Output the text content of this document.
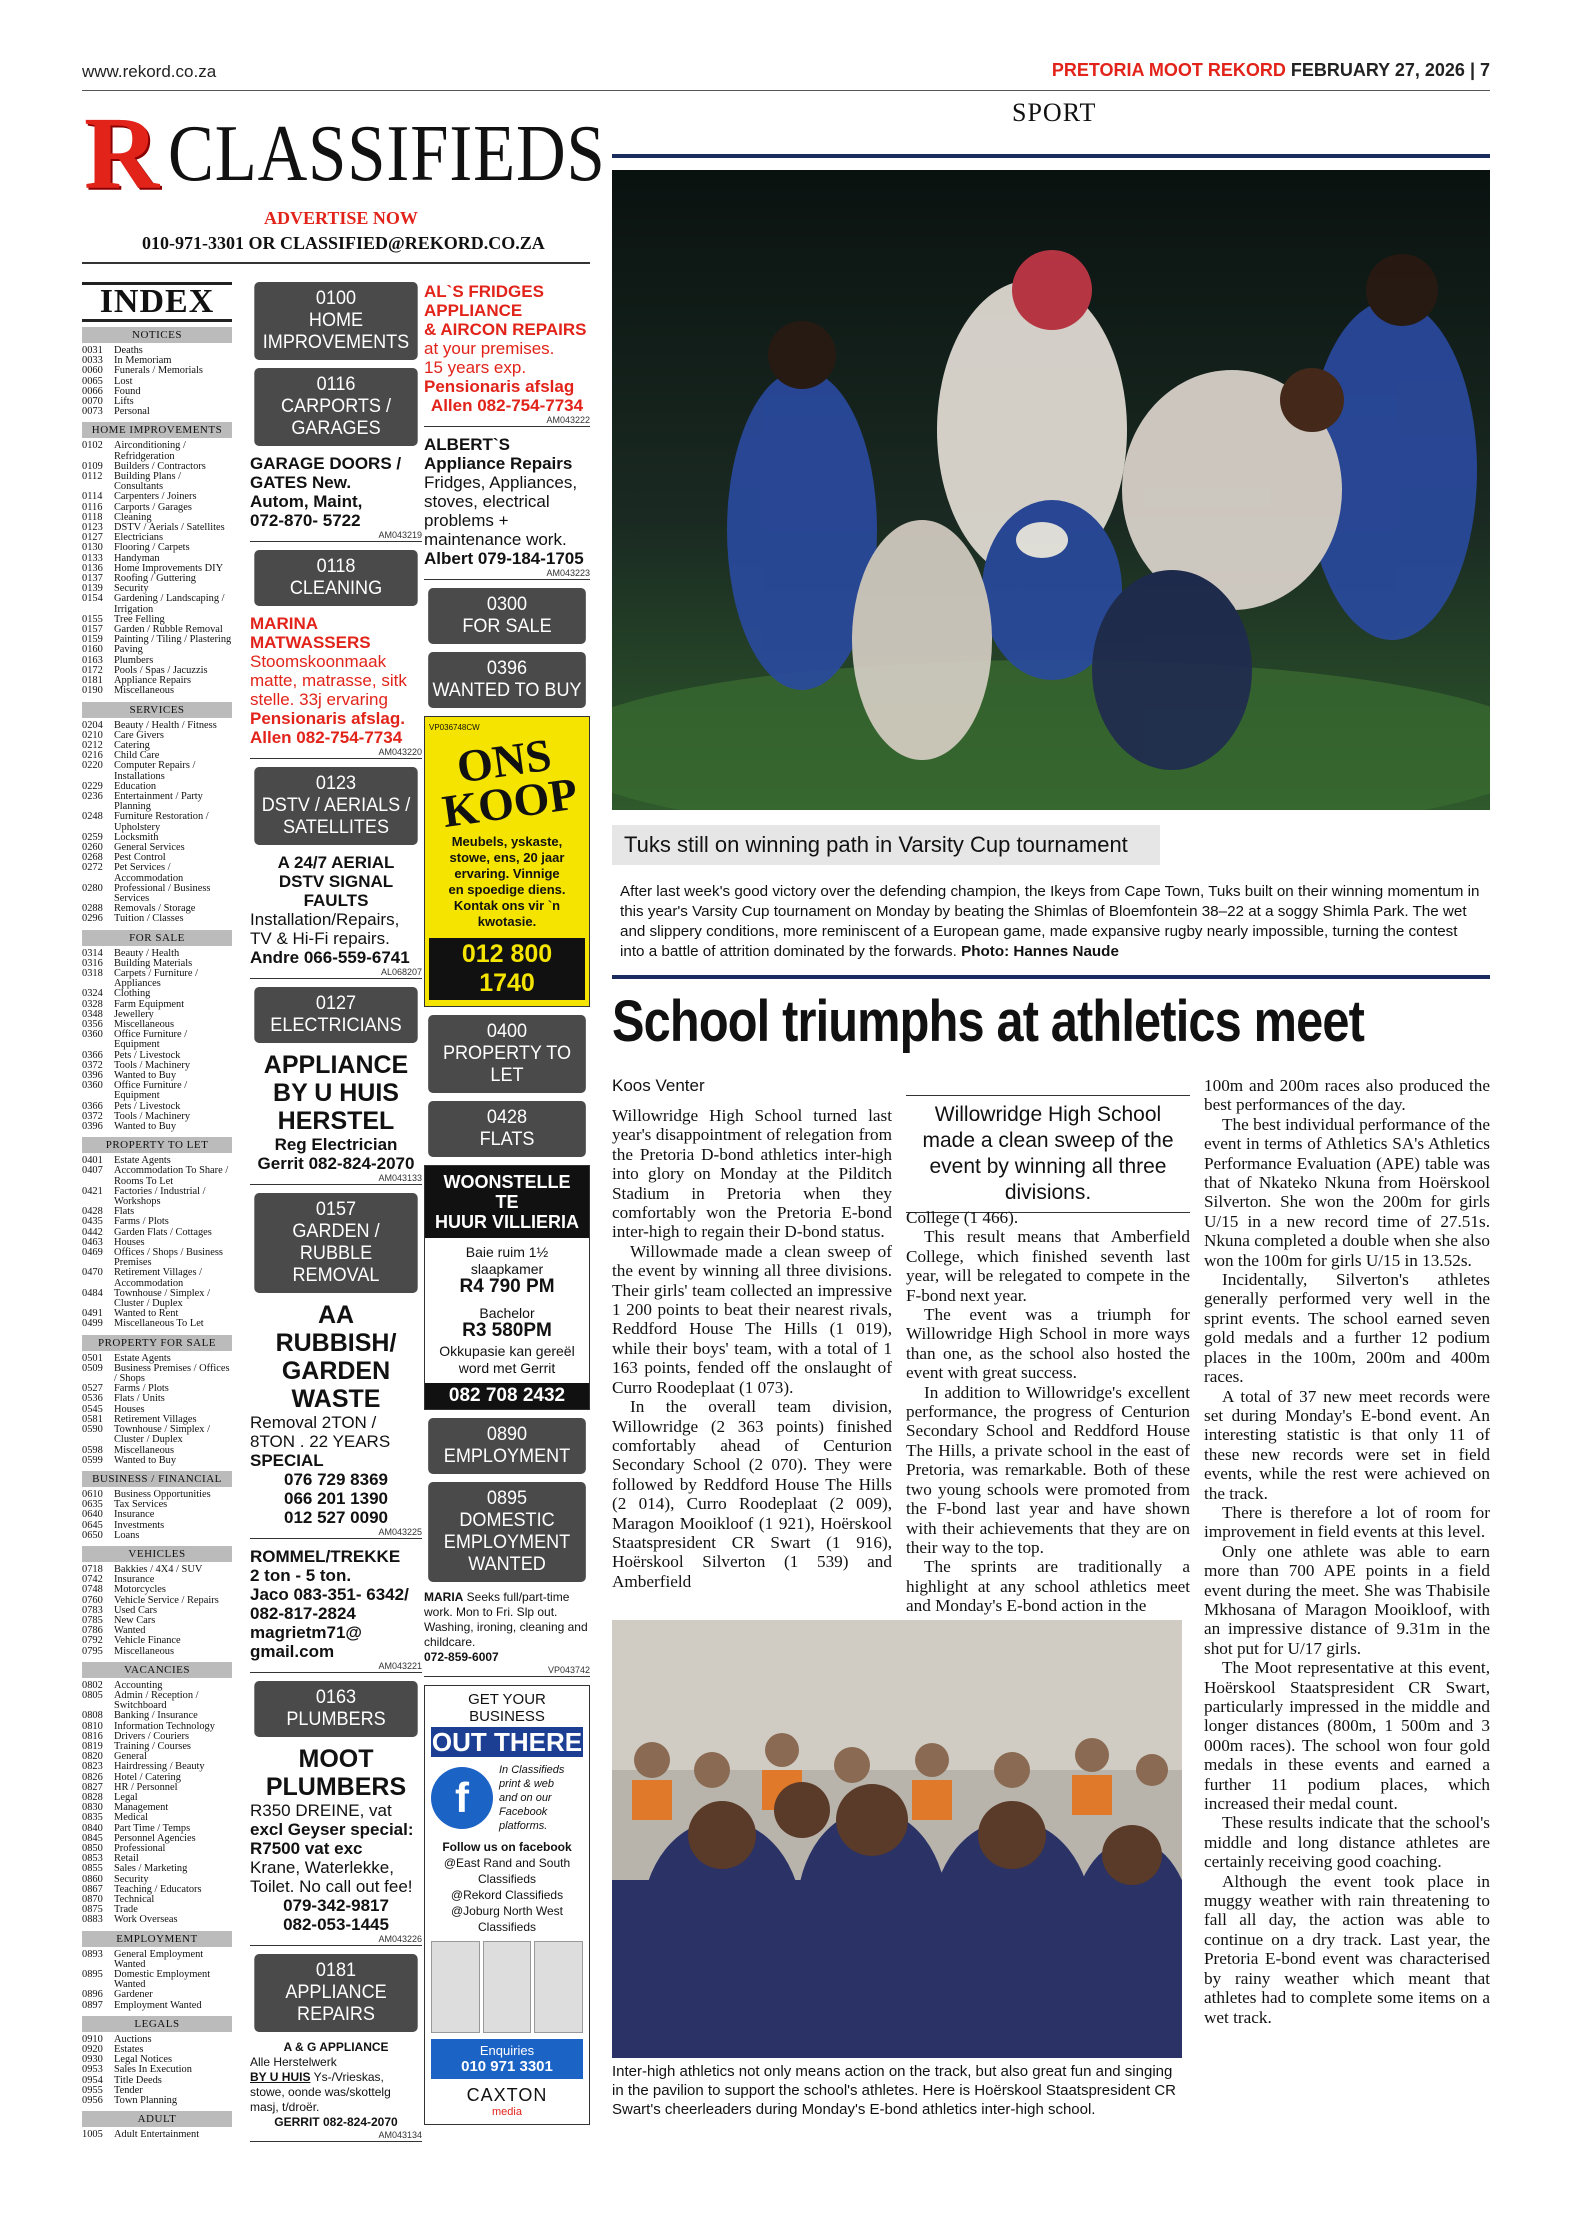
www.rekord.co.za	PRETORIA MOOT REKORD FEBRUARY 27, 2026 | 7
R CLASSIFIEDS
ADVERTISE NOW
010-971-3301 OR CLASSIFIED@REKORD.CO.ZA
INDEX
NOTICES
0031	Deaths
0033	In Memoriam
0060	Funerals / Memorials
0065	Lost
0066	Found
0070	Lifts
0073	Personal
HOME IMPROVEMENTS
0102	Airconditioning / Refridgeration
0109	Builders / Contractors
0112	Building Plans / Consultants
0114	Carpenters / Joiners
0116	Carports / Garages
0118	Cleaning
0123	DSTV / Aerials / Satellites
0127	Electricians
0130	Flooring / Carpets
0133	Handyman
0136	Home Improvements DIY
0137	Roofing / Guttering
0139	Security
0154	Gardening / Landscaping / Irrigation
0155	Tree Felling
0157	Garden / Rubble Removal
0159	Painting / Tiling / Plastering
0160	Paving
0163	Plumbers
0172	Pools / Spas / Jacuzzis
0181	Appliance Repairs
0190	Miscellaneous
SERVICES
0204	Beauty / Health / Fitness
0210	Care Givers
0212	Catering
0216	Child Care
0220	Computer Repairs / Installations
0229	Education
0236	Entertainment / Party Planning
0248	Furniture Restoration / Upholstery
0259	Locksmith
0260	General Services
0268	Pest Control
0272	Pet Services / Accommodation
0280	Professional / Business Services
0288	Removals / Storage
0296	Tuition / Classes
FOR SALE
0314	Beauty / Health
0316	Building Materials
0318	Carpets / Furniture / Appliances
0324	Clothing
0328	Farm Equipment
0348	Jewellery
0356	Miscellaneous
0360	Office Furniture / Equipment
0366	Pets / Livestock
0372	Tools / Machinery
0396	Wanted to Buy
0360	Office Furniture / Equipment
0366	Pets / Livestock
0372	Tools / Machinery
0396	Wanted to Buy
PROPERTY TO LET
0401	Estate Agents
0407	Accommodation To Share / Rooms To Let
0421	Factories / Industrial / Workshops
0428	Flats
0435	Farms / Plots
0442	Garden Flats / Cottages
0463	Houses
0469	Offices / Shops / Business Premises
0470	Retirement Villages / Accommodation
0484	Townhouse / Simplex / Cluster / Duplex
0491	Wanted to Rent
0499	Miscellaneous To Let
PROPERTY FOR SALE
0501	Estate Agents
0509	Business Premises / Offices / Shops
0527	Farms / Plots
0536	Flats / Units
0545	Houses
0581	Retirement Villages
0590	Townhouse / Simplex / Cluster / Duplex
0598	Miscellaneous
0599	Wanted to Buy
BUSINESS / FINANCIAL
0610	Business Opportunities
0635	Tax Services
0640	Insurance
0645	Investments
0650	Loans
VEHICLES
0718	Bakkies / 4X4 / SUV
0742	Insurance
0748	Motorcycles
0760	Vehicle Service / Repairs
0783	Used Cars
0785	New Cars
0786	Wanted
0792	Vehicle Finance
0795	Miscellaneous
VACANCIES
0802	Accounting
0805	Admin / Reception / Switchboard
0808	Banking / Insurance
0810	Information Technology
0816	Drivers / Couriers
0819	Training / Courses
0820	General
0823	Hairdressing / Beauty
0826	Hotel / Catering
0827	HR / Personnel
0828	Legal
0830	Management
0835	Medical
0840	Part Time / Temps
0845	Personnel Agencies
0850	Professional
0853	Retail
0855	Sales / Marketing
0860	Security
0867	Teaching / Educators
0870	Technical
0875	Trade
0883	Work Overseas
EMPLOYMENT
0893	General Employment Wanted
0895	Domestic Employment Wanted
0896	Gardener
0897	Employment Wanted
LEGALS
0910	Auctions
0920	Estates
0930	Legal Notices
0953	Sales In Execution
0954	Title Deeds
0955	Tender
0956	Town Planning
ADULT
1005	Adult Entertainment
0100
HOME
IMPROVEMENTS
0116
CARPORTS /
GARAGES

GARAGE DOORS /

GATES New.

Autom, Maint,

072-870- 5722

AM043219
0118
CLEANING

MARINA

MATWASSERS

Stoomskoonmaak

matte, matrasse, sitk

stelle. 33j ervaring

Pensionaris afslag.

Allen 082-754-7734

AM043220
0123
DSTV / AERIALS /
SATELLITES

A 24/7 AERIAL

DSTV SIGNAL

FAULTS

Installation/Repairs,

TV & Hi-Fi repairs.

Andre 066-559-6741

AL068207
0127
ELECTRICIANS

APPLIANCE

BY U HUIS

HERSTEL

Reg Electrician

Gerrit 082-824-2070

AM043133
0157
GARDEN / RUBBLE
REMOVAL

AA

RUBBISH/

GARDEN

WASTE

Removal 2TON /

8TON . 22 YEARS

SPECIAL

076 729 8369

066 201 1390

012 527 0090

AM043225

ROMMEL/TREKKE

2 ton - 5 ton.

Jaco 083-351- 6342/

082-817-2824

magrietm71@

gmail.com

AM043221
0163
PLUMBERS

MOOT

PLUMBERS

R350 DREINE, vat

excl Geyser special:

R7500 vat exc

Krane, Waterlekke,

Toilet. No call out fee!

079-342-9817

082-053-1445

AM043226
0181
APPLIANCE REPAIRS

A & G APPLIANCE

Alle Herstelwerk

BY U HUIS Ys-/Vrieskas,

stowe, oonde was/skottelg

masj, t/droër.

GERRIT 082-824-2070

AM043134

AL`S FRIDGES

APPLIANCE

& AIRCON REPAIRS

at your premises.

15 years exp.

Pensionaris afslag

Allen 082-754-7734

AM043222

ALBERT`S

Appliance Repairs

Fridges, Appliances,

stoves, electrical

problems +

maintenance work.

Albert 079-184-1705

AM043223
0300
FOR SALE
0396
WANTED TO BUY
VP036748CW
ONS KOOP
Meubels, yskaste,
stowe, ens, 20 jaar
ervaring. Vinnige
en spoedige diens.
Kontak ons vir `n
kwotasie.
012 800 1740
0400
PROPERTY TO LET
0428
FLATS
WOONSTELLE TE
HUUR VILLIERIA

Baie ruim 1½

slaapkamer

R4 790 PM

Bachelor

R3 580PM

Okkupasie kan gereël

word met Gerrit

082 708 2432
0890
EMPLOYMENT
0895
DOMESTIC
EMPLOYMENT
WANTED

MARIA Seeks full/part-time work. Mon to Fri. Slp out. Washing, ironing, cleaning and childcare.

072-859-6007

VP043742
GET YOUR BUSINESS
OUT THERE
f
In Classifieds
print & web
and on our
Facebook
platforms.
Follow us on facebook
@East Rand and South
Classifieds
@Rekord Classifieds
@Joburg North West
Classifieds
Enquiries
010 971 3301
CAXTON
media
SPORT
Tuks still on winning path in Varsity Cup tournament
After last week's good victory over the defending champion, the Ikeys from Cape Town, Tuks built on their winning momentum in this year's Varsity Cup tournament on Monday by beating the Shimlas of Bloemfontein 38–22 at a soggy Shimla Park. The wet and slippery conditions, more reminiscent of a European game, made expansive rugby nearly impossible, turning the contest into a battle of attrition dominated by the forwards. Photo: Hannes Naude
School triumphs at athletics meet
Koos Venter

Willowridge High School turned last year's disappointment of relegation from the Pretoria D-bond athletics inter-high into glory on Monday at the Pilditch Stadium in Pretoria when they comfortably won the Pretoria E-bond inter-high to regain their D-bond status.

Willowmade made a clean sweep of the event by winning all three divisions. Their girls' team collected an impressive 1 200 points to beat their nearest rivals, Reddford House The Hills (1 019), while their boys' team, with a total of 1 163 points, fended off the onslaught of Curro Roodeplaat (1 073).

In the overall team division, Willowridge (2 363 points) finished comfortably ahead of Centurion Secondary School (2 070). They were followed by Reddford House The Hills (2 014), Curro Roodeplaat (2 009), Maragon Mooikloof (1 921), Hoërskool Staatspresident CR Swart (1 916), Hoërskool Silverton (1 539) and Amberfield

Willowridge High School made a clean sweep of the event by winning all three divisions.

College (1 466).

This result means that Amberfield College, which finished seventh last year, will be relegated to compete in the F-bond next year.

The event was a triumph for Willowridge High School in more ways than one, as the school also hosted the event with great success.

In addition to Willowridge's excellent performance, the progress of Centurion Secondary School and Reddford House The Hills, a private school in the east of Pretoria, was remarkable. Both of these two young schools were promoted from the F-bond last year and have shown with their achievements that they are on their way to the top.

The sprints are traditionally a highlight at any school athletics meet and Monday's E-bond action in the

100m and 200m races also produced the best performances of the day.

The best individual performance of the event in terms of Athletics SA's Athletics Performance Evaluation (APE) table was that of Nkateko Nkuna from Hoërskool Silverton. She won the 200m for girls U/15 in a new record time of 27.51s. Nkuna completed a double when she also won the 100m for girls U/15 in 13.52s.

Incidentally, Silverton's athletes generally performed very well in the sprint events. The school earned seven gold medals and a further 12 podium places in the 100m, 200m and 400m races.

A total of 37 new meet records were set during Monday's E-bond event. An interesting statistic is that only 11 of these new records were set in field events, while the rest were achieved on the track.

There is therefore a lot of room for improvement in field events at this level.

Only one athlete was able to earn more than 700 APE points in a field event during the meet. She was Thabisile Mkhosana of Maragon Mooikloof, with an impressive distance of 9.31m in the shot put for U/17 girls.

The Moot representative at this event, Hoërskool Staatspresident CR Swart, particularly impressed in the middle and longer distances (800m, 1 500m and 3 000m races). The school won four gold medals in these events and earned a further 11 podium places, which increased their medal count.

These results indicate that the school's middle and long distance athletes are certainly receiving good coaching.

Although the event took place in muggy weather with rain threatening to fall all day, the action was able to continue on a dry track. Last year, the Pretoria E-bond event was characterised by rainy weather which meant that athletes had to complete some items on a wet track.

Inter-high athletics not only means action on the track, but also great fun and singing in the pavilion to support the school's athletes. Here is Hoërskool Staatspresident CR Swart's cheerleaders during Monday's E-bond athletics inter-high school.
